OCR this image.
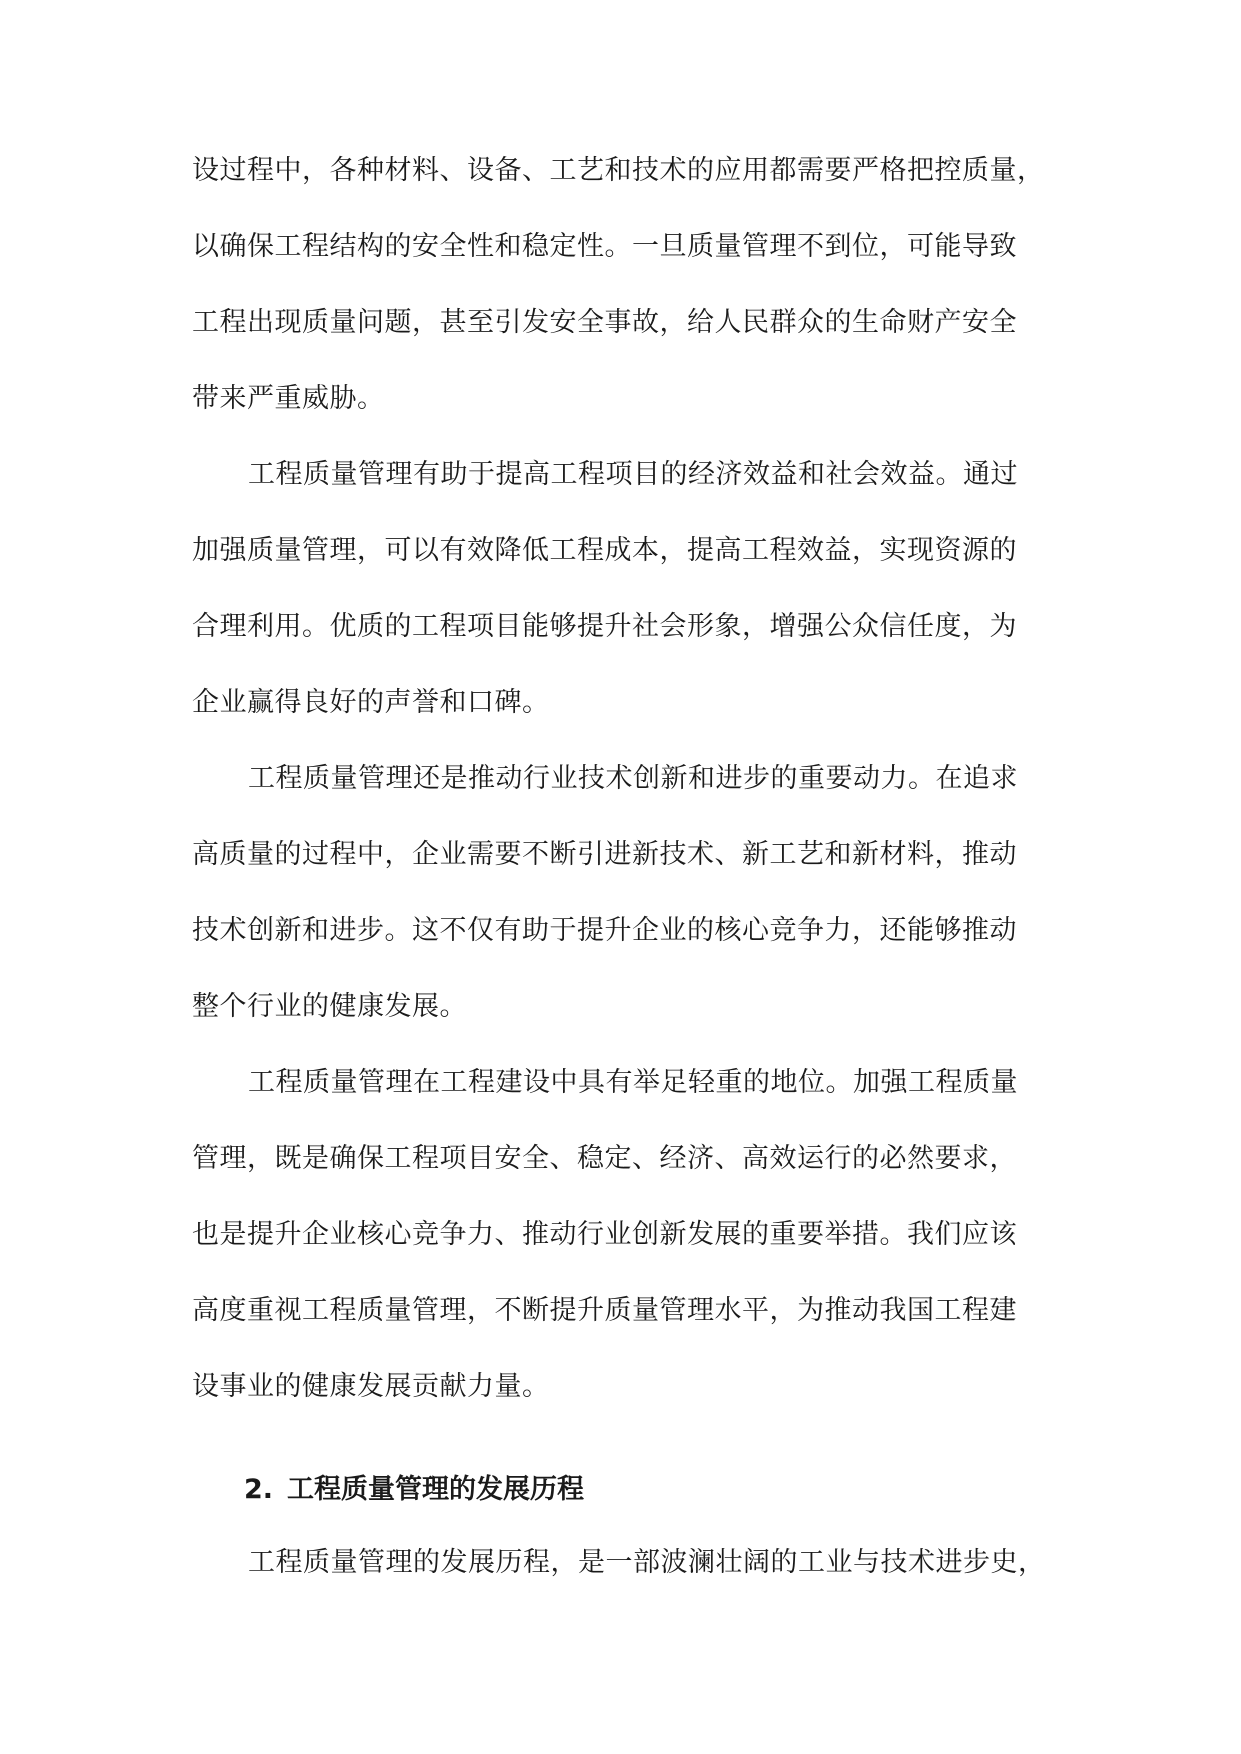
设过程中，各种材料、设备、工艺和技术的应用都需要严格把控质量，
以确保工程结构的安全性和稳定性。一旦质量管理不到位，可能导致
工程出现质量问题，甚至引发安全事故，给人民群众的生命财产安全
带来严重威胁。

工程质量管理有助于提高工程项目的经济效益和社会效益。通过
加强质量管理，可以有效降低工程成本，提高工程效益，实现资源的
合理利用。优质的工程项目能够提升社会形象，增强公众信任度，为
企业赢得良好的声誉和口碑。

工程质量管理还是推动行业技术创新和进步的重要动力。在追求
高质量的过程中，企业需要不断引进新技术、新工艺和新材料，推动
技术创新和进步。这不仅有助于提升企业的核心竞争力，还能够推动
整个行业的健康发展。

工程质量管理在工程建设中具有举足轻重的地位。加强工程质量
管理，既是确保工程项目安全、稳定、经济、高效运行的必然要求，
也是提升企业核心竞争力、推动行业创新发展的重要举措。我们应该
高度重视工程质量管理，不断提升质量管理水平，为推动我国工程建
设事业的健康发展贡献力量。

2. 工程质量管理的发展历程

工程质量管理的发展历程，是一部波澜壮阔的工业与技术进步史，
